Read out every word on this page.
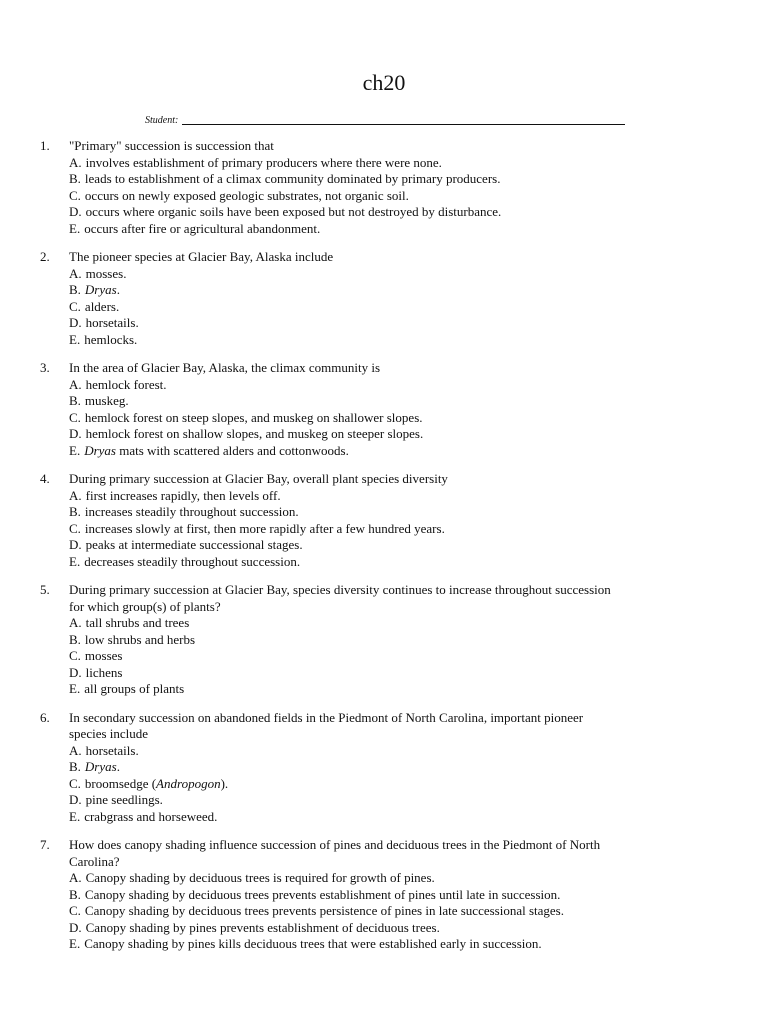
ch20
Student:
1. "Primary" succession is succession that
A. involves establishment of primary producers where there were none.
B. leads to establishment of a climax community dominated by primary producers.
C. occurs on newly exposed geologic substrates, not organic soil.
D. occurs where organic soils have been exposed but not destroyed by disturbance.
E. occurs after fire or agricultural abandonment.
2. The pioneer species at Glacier Bay, Alaska include
A. mosses.
B. Dryas.
C. alders.
D. horsetails.
E. hemlocks.
3. In the area of Glacier Bay, Alaska, the climax community is
A. hemlock forest.
B. muskeg.
C. hemlock forest on steep slopes, and muskeg on shallower slopes.
D. hemlock forest on shallow slopes, and muskeg on steeper slopes.
E. Dryas mats with scattered alders and cottonwoods.
4. During primary succession at Glacier Bay, overall plant species diversity
A. first increases rapidly, then levels off.
B. increases steadily throughout succession.
C. increases slowly at first, then more rapidly after a few hundred years.
D. peaks at intermediate successional stages.
E. decreases steadily throughout succession.
5. During primary succession at Glacier Bay, species diversity continues to increase throughout succession
for which group(s) of plants?
A. tall shrubs and trees
B. low shrubs and herbs
C. mosses
D. lichens
E. all groups of plants
6. In secondary succession on abandoned fields in the Piedmont of North Carolina, important pioneer
species include
A. horsetails.
B. Dryas.
C. broomsedge (Andropogon).
D. pine seedlings.
E. crabgrass and horseweed.
7. How does canopy shading influence succession of pines and deciduous trees in the Piedmont of North
Carolina?
A. Canopy shading by deciduous trees is required for growth of pines.
B. Canopy shading by deciduous trees prevents establishment of pines until late in succession.
C. Canopy shading by deciduous trees prevents persistence of pines in late successional stages.
D. Canopy shading by pines prevents establishment of deciduous trees.
E. Canopy shading by pines kills deciduous trees that were established early in succession.
